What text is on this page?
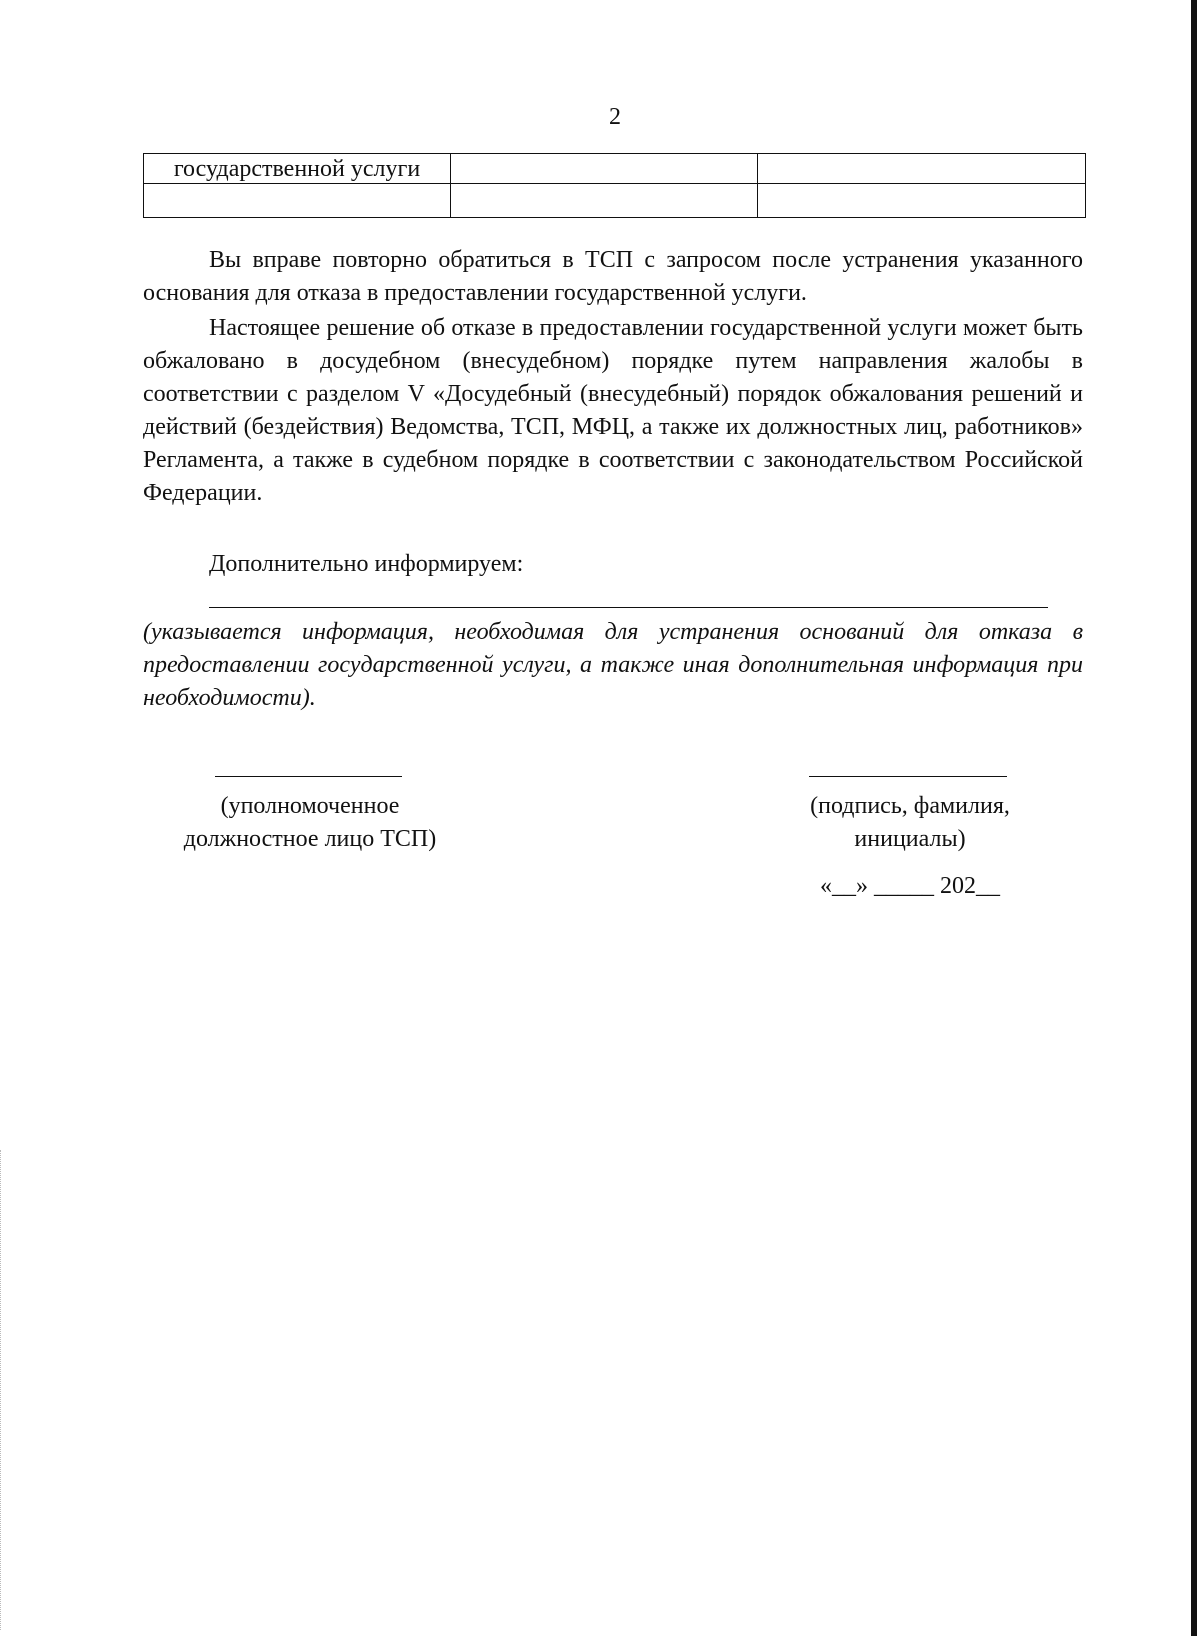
2
государственной услуги		

Вы вправе повторно обратиться в ТСП с запросом после устранения указанного основания для отказа в предоставлении государственной услуги.

Настоящее решение об отказе в предоставлении государственной услуги может быть обжаловано в досудебном (внесудебном) порядке путем направления жалобы в соответствии с разделом V «Досудебный (внесудебный) порядок обжалования решений и действий (бездействия) Ведомства, ТСП, МФЦ, а также их должностных лиц, работников» Регламента, а также в судебном порядке в соответствии с законодательством Российской Федерации.

Дополнительно информируем:

(указывается информация, необходимая для устранения оснований для отказа в предоставлении государственной услуги, а также иная дополнительная информация при необходимости).

(уполномоченное
должностное лицо ТСП)

(подпись, фамилия,
инициалы)

«__» _____ 202__
